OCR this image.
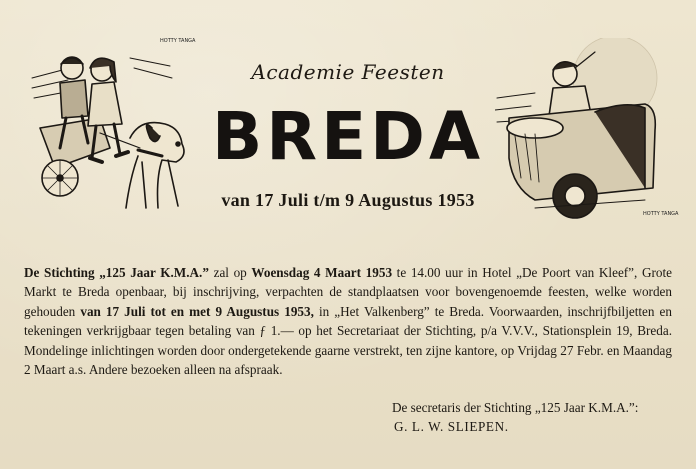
HOTTY TANGA
Academie Feesten
BREDA
van 17 Juli t/m 9 Augustus 1953
HOTTY TANGA
De Stichting „125 Jaar K.M.A.” zal op Woensdag 4 Maart 1953 te 14.00 uur in Hotel „De Poort van Kleef”, Grote Markt te Breda openbaar, bij inschrijving, verpachten de standplaatsen voor bovengenoemde feesten, welke worden gehouden van 17 Juli tot en met 9 Augustus 1953, in „Het Valkenberg” te Breda. Voorwaarden, inschrijfbiljetten en tekeningen verkrijgbaar tegen betaling van ƒ 1.— op het Secretariaat der Stichting, p/a V.V.V., Stationsplein 19, Breda. Mondelinge inlichtingen worden door ondergetekende gaarne verstrekt, ten zijne kantore, op Vrijdag 27 Febr. en Maandag 2 Maart a.s. Andere bezoeken alleen na afspraak.
De secretaris der Stichting „125 Jaar K.M.A.”:
G. L. W. SLIEPEN.
